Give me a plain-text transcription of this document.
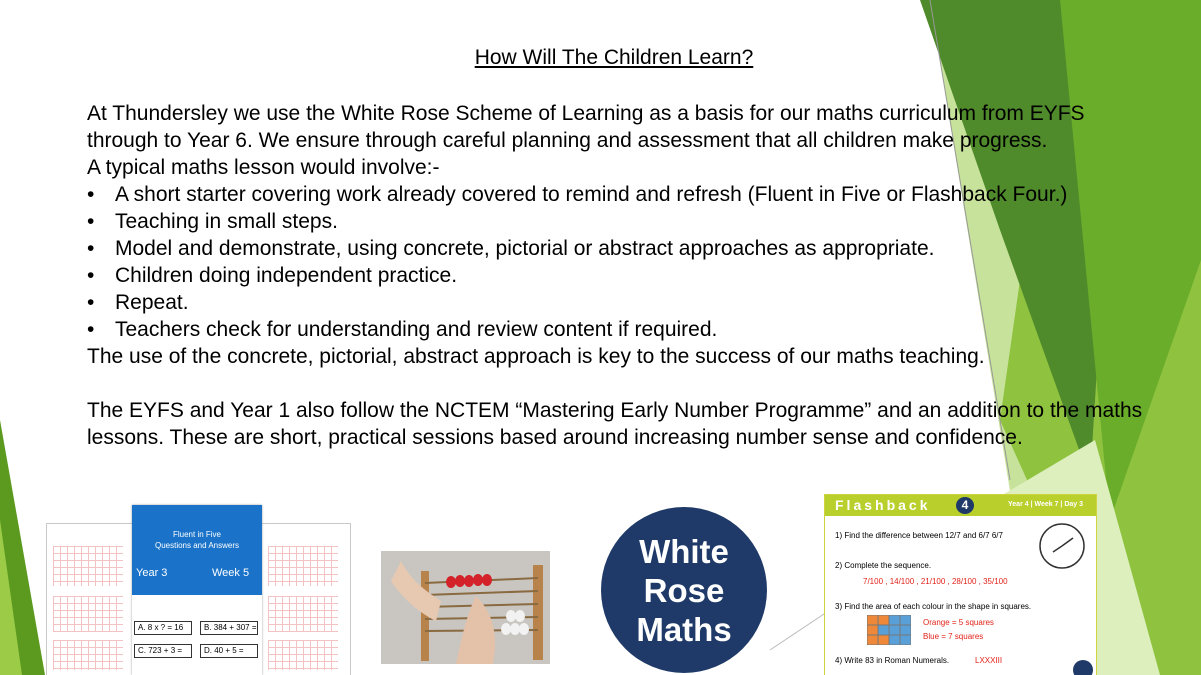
How Will The Children Learn?

At Thundersley we use the White Rose Scheme of Learning as a basis for our maths curriculum from EYFS through to Year 6. We ensure through careful planning and assessment that all children make progress.

A typical maths lesson would involve:-

• A short starter covering work already covered to remind and refresh (Fluent in Five or Flashback Four.)
• Teaching in small steps.
• Model and demonstrate, using concrete, pictorial or abstract approaches as appropriate.
• Children doing independent practice.
• Repeat.
• Teachers check for understanding and review content if required.

The use of the concrete, pictorial, abstract approach is key to the success of our maths teaching.

The EYFS and Year 1 also follow the NCTEM “Mastering Early Number Programme” and an addition to the maths lessons. These are short, practical sessions based around increasing number sense and confidence.

Fluent in Five
Questions and Answers
Year 3	Week 5
A. 8 x ? = 16	B. 384 + 307 =
C. 723 + 3 =	D. 40 + 5 =
White
Rose
Maths
Flashback	4	Year 4 | Week 7 | Day 3
1) Find the difference between 12/7 and 6/7 6/7
2) Complete the sequence.
7/100 , 14/100 , 21/100 , 28/100 , 35/100
3) Find the area of each colour in the shape in squares.
Orange = 5 squares
Blue = 7 squares
4) Write 83 in Roman Numerals.	LXXXIII
